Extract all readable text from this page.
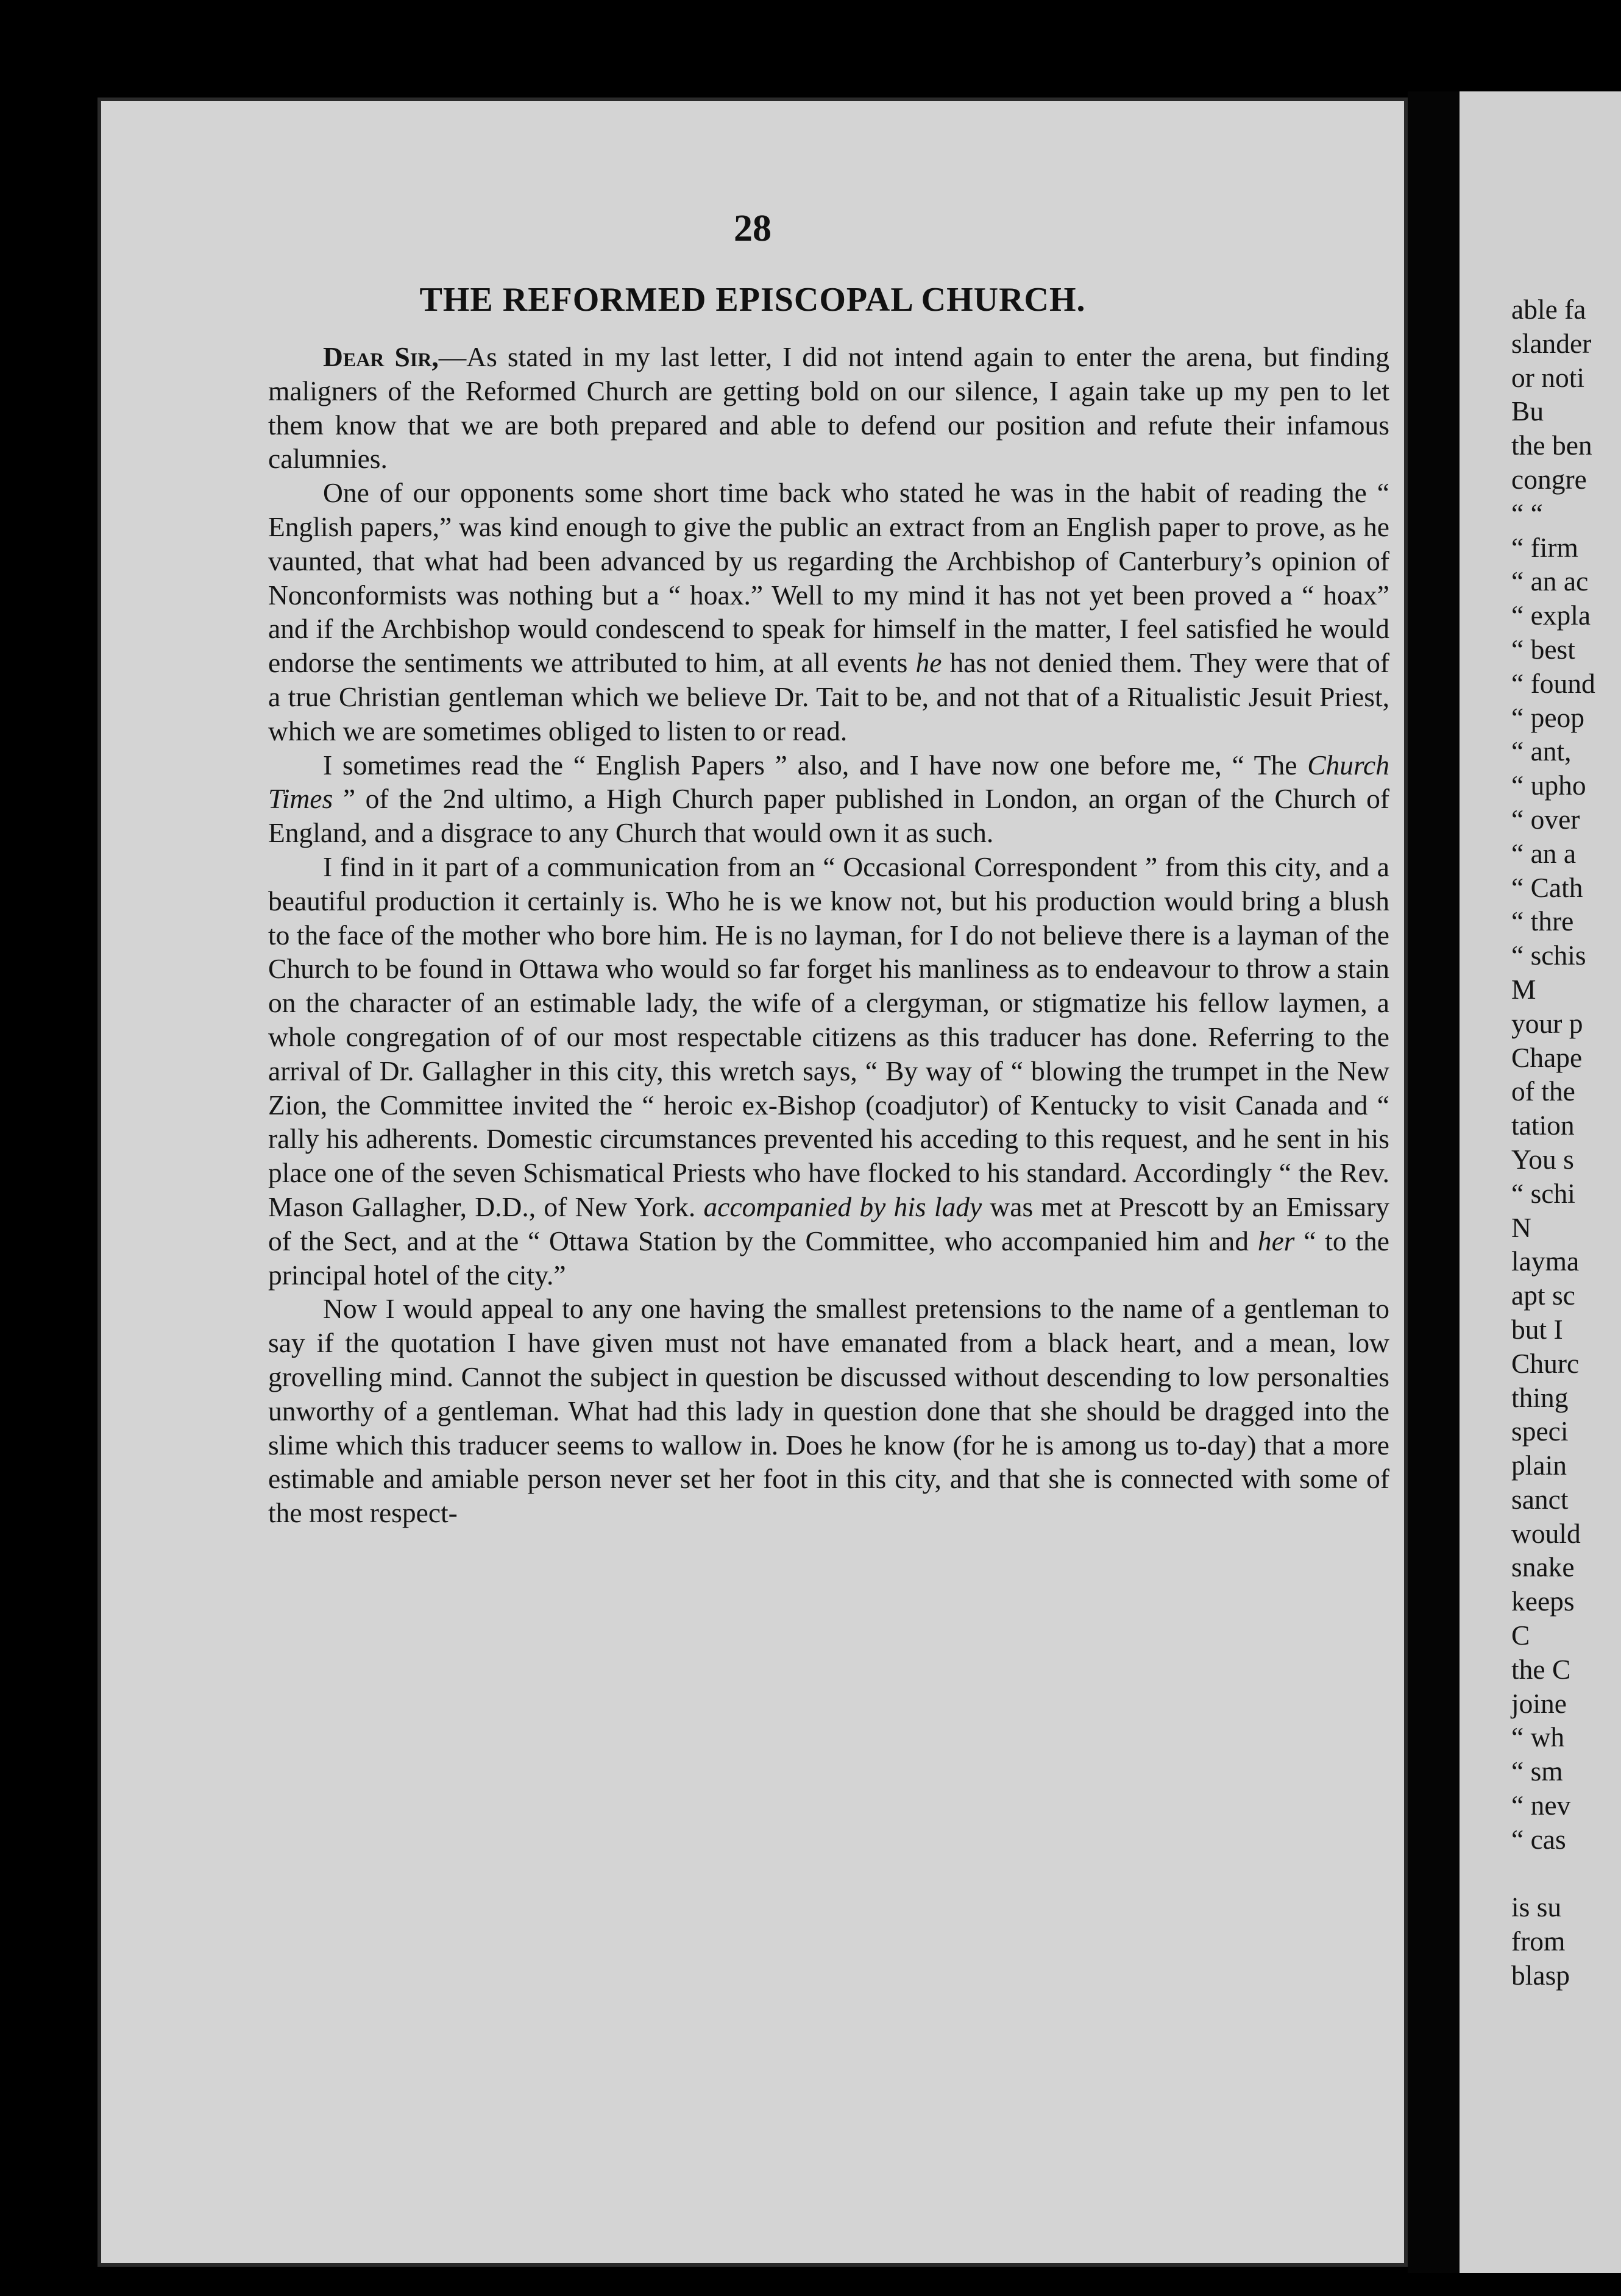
28
THE REFORMED EPISCOPAL CHURCH.

Dear Sir,—As stated in my last letter, I did not intend again to enter the arena, but finding maligners of the Reformed Church are getting bold on our silence, I again take up my pen to let them know that we are both prepared and able to defend our position and refute their infamous calumnies.

One of our opponents some short time back who stated he was in the habit of reading the “ English papers,” was kind enough to give the public an extract from an English paper to prove, as he vaunted, that what had been advanced by us regarding the Archbishop of Canterbury’s opinion of Nonconformists was nothing but a “ hoax.” Well to my mind it has not yet been proved a “ hoax” and if the Archbishop would condescend to speak for himself in the matter, I feel satisfied he would endorse the sentiments we attributed to him, at all events he has not denied them. They were that of a true Christian gentleman which we believe Dr. Tait to be, and not that of a Ritualistic Jesuit Priest, which we are sometimes obliged to listen to or read.

I sometimes read the “ English Papers ” also, and I have now one before me, “ The Church Times ” of the 2nd ultimo, a High Church paper published in London, an organ of the Church of England, and a disgrace to any Church that would own it as such.

I find in it part of a communication from an “ Occasional Correspondent ” from this city, and a beautiful production it certainly is. Who he is we know not, but his production would bring a blush to the face of the mother who bore him. He is no layman, for I do not believe there is a layman of the Church to be found in Ottawa who would so far forget his manliness as to endeavour to throw a stain on the character of an estimable lady, the wife of a clergyman, or stigmatize his fellow laymen, a whole congregation of of our most respectable citizens as this traducer has done. Referring to the arrival of Dr. Gallagher in this city, this wretch says, “ By way of “ blowing the trumpet in the New Zion, the Committee invited the “ heroic ex-Bishop (coadjutor) of Kentucky to visit Canada and “ rally his adherents. Domestic circumstances prevented his acceding to this request, and he sent in his place one of the seven Schismatical Priests who have flocked to his standard. Accordingly “ the Rev. Mason Gallagher, D.D., of New York. accompanied by his lady was met at Prescott by an Emissary of the Sect, and at the “ Ottawa Station by the Committee, who accompanied him and her “ to the principal hotel of the city.”

Now I would appeal to any one having the smallest pretensions to the name of a gentleman to say if the quotation I have given must not have emanated from a black heart, and a mean, low grovelling mind. Cannot the subject in question be discussed without descending to low personalties unworthy of a gentleman. What had this lady in question done that she should be dragged into the slime which this traducer seems to wallow in. Does he know (for he is among us to-day) that a more estimable and amiable person never set her foot in this city, and that she is connected with some of the most respect-

able fa
slander
or noti
Bu
the ben
congre
“ “
“ firm
“ an ac
“ expla
“ best
“ found
“ peop
“ ant,
“ upho
“ over
“ an a
“ Cath
“ thre
“ schis
M
your p
Chape
of the
tation
You s
“ schi
N
layma
apt sc
but I
Churc
thing
speci
plain
sanct
would
snake
keeps
C
the C
joine
“ wh
“ sm
“ nev
“ cas
is su
from
blasp
